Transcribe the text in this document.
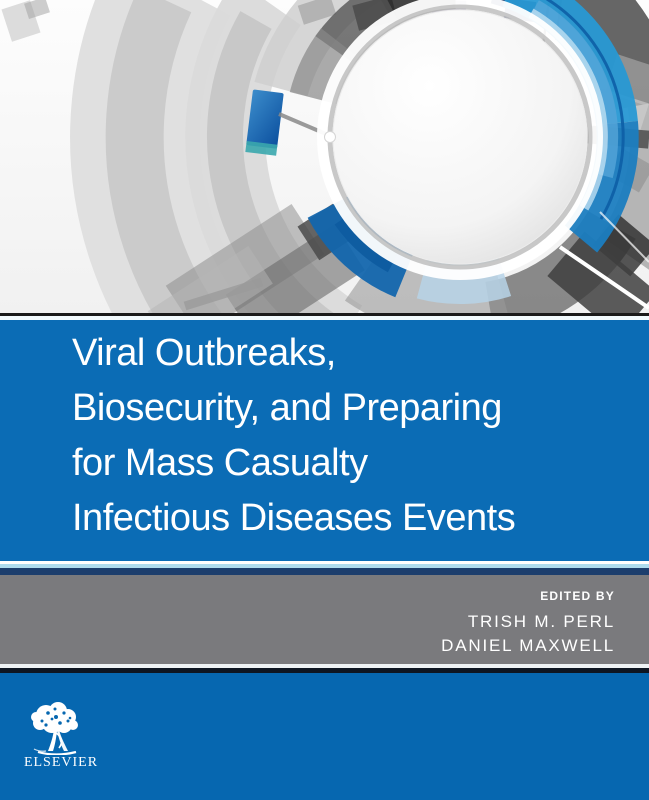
Viral Outbreaks,
Biosecurity, and Preparing
for Mass Casualty
Infectious Diseases Events
EDITED BY
TRISH M. PERL
DANIEL MAXWELL
ELSEVIER
